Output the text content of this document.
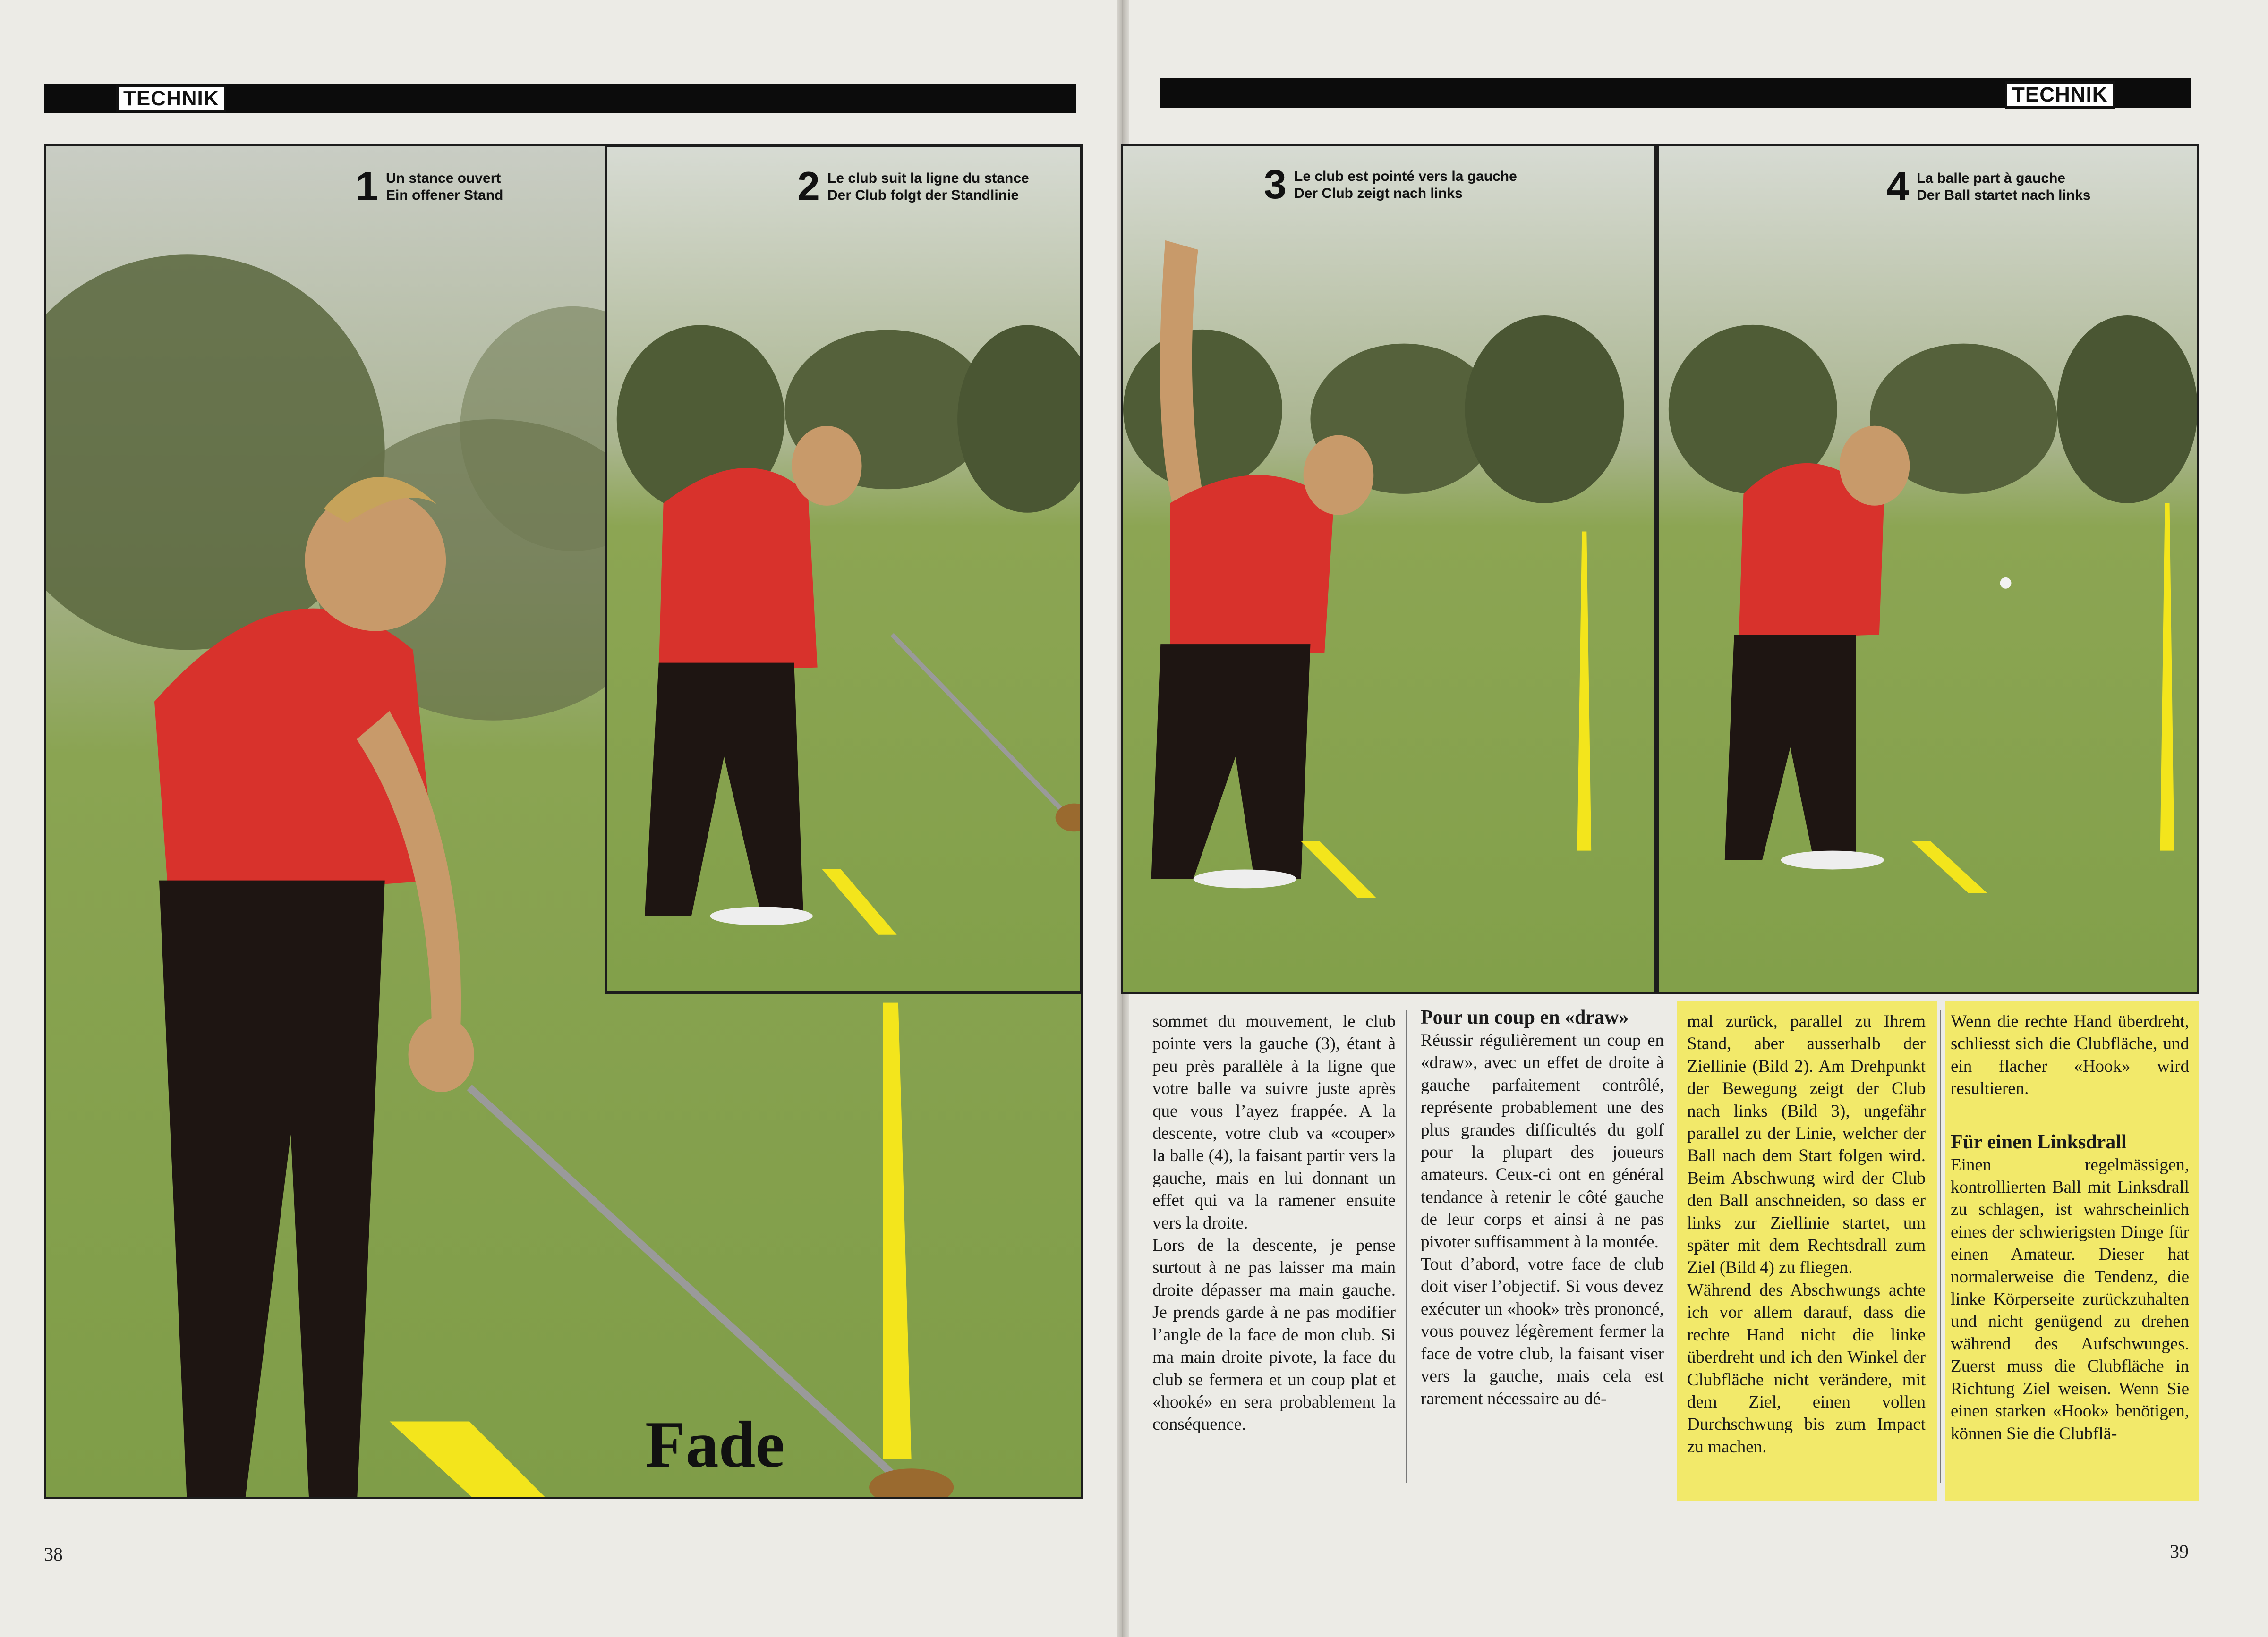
TECHNIK	TECHNIK
1 Un stance ouvert
Ein offener Stand	2 Le club suit la ligne du stance
Der Club folgt der Standlinie	3 Le club est pointé vers la gauche
Der Club zeigt nach links	4 La balle part à gauche
Der Ball startet nach links
Fade

sommet du mouvement, le club pointe vers la gauche (3), étant à peu près parallèle à la ligne que votre balle va suivre juste après que vous l’ayez frappée. A la descente, votre club va «couper» la balle (4), la faisant partir vers la gauche, mais en lui donnant un effet qui va la ramener ensuite vers la droite.

Lors de la descente, je pense surtout à ne pas laisser ma main droite dépasser ma main gauche. Je prends garde à ne pas modifier l’angle de la face de mon club. Si ma main droite pivote, la face du club se fermera et un coup plat et «hooké» en sera probablement la conséquence.

Pour un coup en «draw»

Réussir régulièrement un coup en «draw», avec un effet de droite à gauche parfaitement contrôlé, représente probablement une des plus grandes difficultés du golf pour la plupart des joueurs amateurs. Ceux-ci ont en général tendance à retenir le côté gauche de leur corps et ainsi à ne pas pivoter suffisamment à la montée.

Tout d’abord, votre face de club doit viser l’objectif. Si vous devez exécuter un «hook» très prononcé, vous pouvez légèrement fermer la face de votre club, la faisant viser vers la gauche, mais cela est rarement nécessaire au dé-

mal zurück, parallel zu Ihrem Stand, aber ausserhalb der Ziellinie (Bild 2). Am Drehpunkt der Bewegung zeigt der Club nach links (Bild 3), ungefähr parallel zu der Linie, welcher der Ball nach dem Start folgen wird. Beim Abschwung wird der Club den Ball anschneiden, so dass er links zur Ziellinie startet, um später mit dem Rechtsdrall zum Ziel (Bild 4) zu fliegen.

Während des Abschwungs achte ich vor allem darauf, dass die rechte Hand nicht die linke überdreht und ich den Winkel der Clubfläche nicht verändere, mit dem Ziel, einen vollen Durchschwung bis zum Impact zu machen.

Wenn die rechte Hand überdreht, schliesst sich die Clubfläche, und ein flacher «Hook» wird resultieren.

Für einen Linksdrall

Einen regelmässigen, kontrollierten Ball mit Linksdrall zu schlagen, ist wahrscheinlich eines der schwierigsten Dinge für einen Amateur. Dieser hat normalerweise die Tendenz, die linke Körperseite zurückzuhalten und nicht genügend zu drehen während des Aufschwunges. Zuerst muss die Clubfläche in Richtung Ziel weisen. Wenn Sie einen starken «Hook» benötigen, können Sie die Clubflä-

38	39
